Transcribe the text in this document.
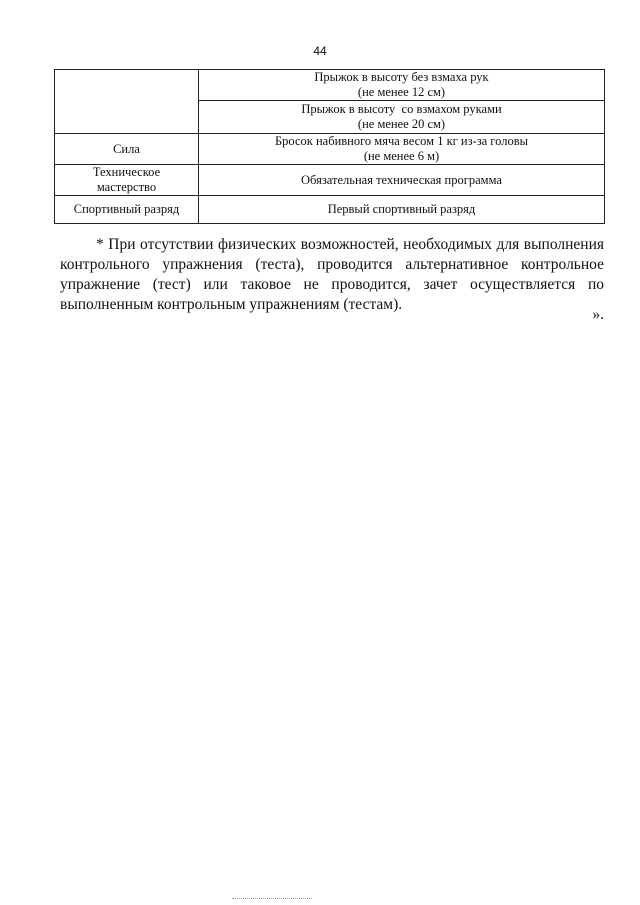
44
	Прыжок в высоту без взмаха рук
(не менее 12 см)
	Прыжок в высоту  со взмахом руками
(не менее 20 см)
Сила	Бросок набивного мяча весом 1 кг из-за головы
(не менее 6 м)
Техническое
мастерство	Обязательная техническая программа
Спортивный разряд	Первый спортивный разряд

* При отсутствии физических возможностей, необходимых для выполнения контрольного упражнения (теста), проводится альтернативное контрольное упражнение (тест) или таковое не проводится, зачет осуществляется по выполненным контрольным упражнениям (тестам).

».
